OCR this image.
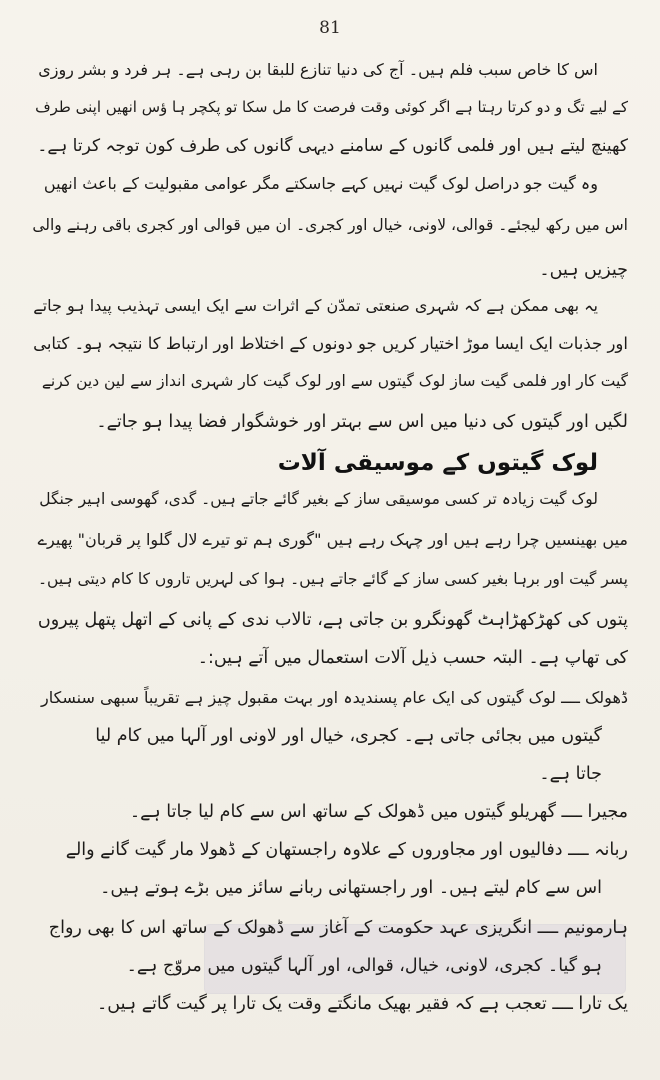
81
اس کا خاص سبب فلم ہیں۔ آج کی دنیا تنازع للبقا بن رہی ہے۔ ہر فرد و بشر روزی
کے لیے تگ و دو کرتا رہتا ہے اگر کوئی وقت فرصت کا مل سکا تو پکچر ہا ؤس انھیں اپنی طرف
کھینچ لیتے ہیں اور فلمی گانوں کے سامنے دیہی گانوں کی طرف کون توجہ کرتا ہے۔
وہ گیت جو دراصل لوک گیت نہیں کہے جاسکتے مگر عوامی مقبولیت کے باعث انھیں
اس میں رکھ لیجئے۔ قوالی، لاونی، خیال اور کجری۔ ان میں قوالی اور کجری باقی رہنے والی
چیزیں ہیں۔
یہ بھی ممکن ہے کہ شہری صنعتی تمدّن کے اثرات سے ایک ایسی تہذیب پیدا ہو جاتے
اور جذبات ایک ایسا موڑ اختیار کریں جو دونوں کے اختلاط اور ارتباط کا نتیجہ ہو۔ کتابی
گیت کار اور فلمی گیت ساز لوک گیتوں سے اور لوک گیت کار شہری انداز سے لین دین کرنے
لگیں اور گیتوں کی دنیا میں اس سے بہتر اور خوشگوار فضا پیدا ہو جاتے۔
لوک گیتوں کے موسیقی آلات
لوک گیت زیادہ تر کسی موسیقی ساز کے بغیر گائے جاتے ہیں۔ گدی، گھوسی اہیر جنگل
میں بھینسیں چرا رہے ہیں اور چہک رہے ہیں "گوری ہم تو تیرے لال گلوا پر قربان" پھیرے
پسر گیت اور برہا بغیر کسی ساز کے گائے جاتے ہیں۔ ہوا کی لہریں تاروں کا کام دیتی ہیں۔
پتوں کی کھڑکھڑاہٹ گھونگرو بن جاتی ہے، تالاب ندی کے پانی کے اتھل پتھل پیروں
کی تھاپ ہے۔ البتہ حسب ذیل آلات استعمال میں آتے ہیں:۔
ڈھولک ــــ لوک گیتوں کی ایک عام پسندیدہ اور بہت مقبول چیز ہے تقریباً سبھی سنسکار
گیتوں میں بجائی جاتی ہے۔ کجری، خیال اور لاونی اور آلہا میں کام لیا
جاتا ہے۔
مجیرا ــــ گھریلو گیتوں میں ڈھولک کے ساتھ اس سے کام لیا جاتا ہے۔
ربانہ ــــ دفالیوں اور مجاوروں کے علاوہ راجستھان کے ڈھولا مار گیت گانے والے
اس سے کام لیتے ہیں۔ اور راجستھانی ربانے سائز میں بڑے ہوتے ہیں۔
ہارمونیم ــــ انگریزی عہد حکومت کے آغاز سے ڈھولک کے ساتھ اس کا بھی رواج
ہو گیا۔ کجری، لاونی، خیال، قوالی، اور آلہا گیتوں میں مروّج ہے۔
یک تارا ــــ تعجب ہے کہ فقیر بھیک مانگتے وقت یک تارا پر گیت گاتے ہیں۔
